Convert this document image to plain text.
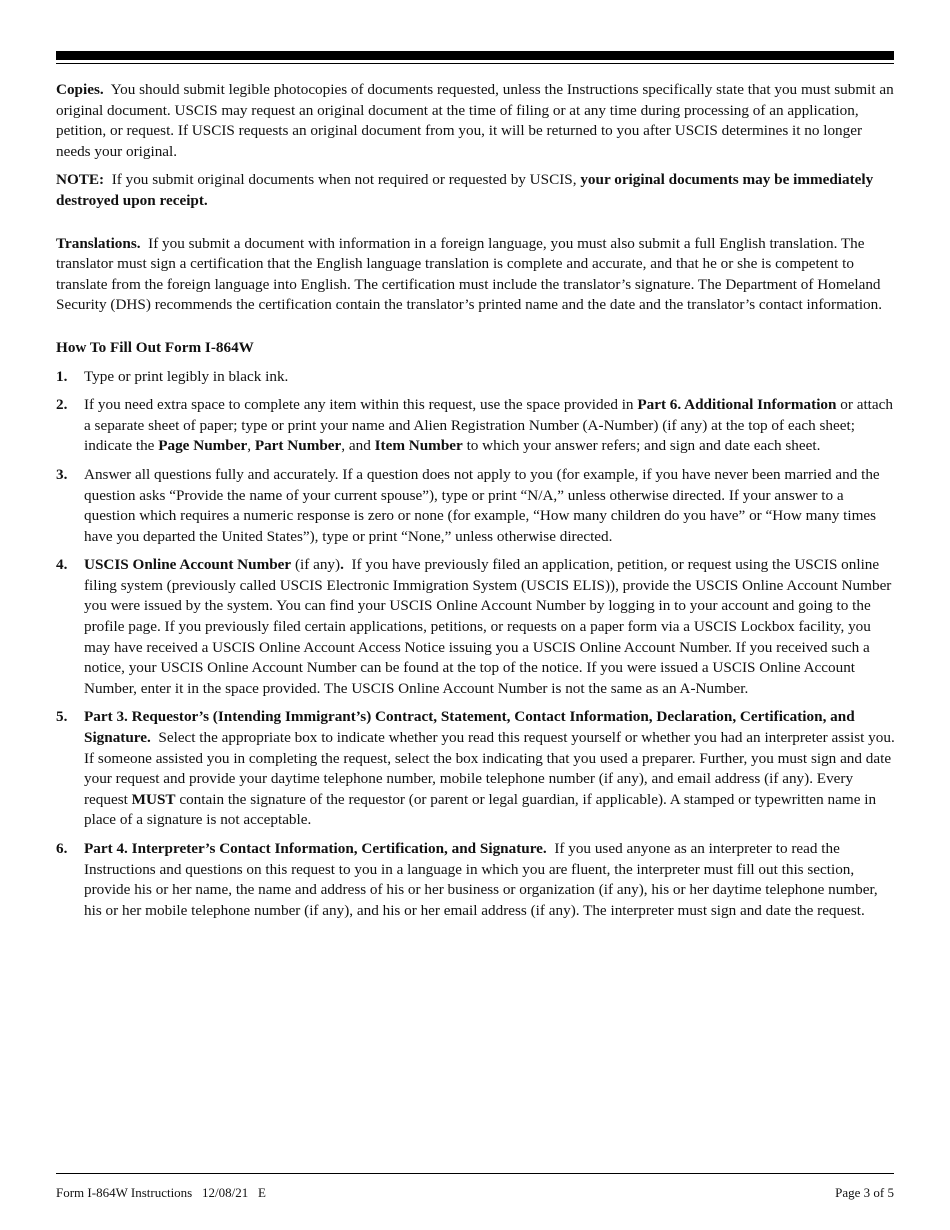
Copies. You should submit legible photocopies of documents requested, unless the Instructions specifically state that you must submit an original document. USCIS may request an original document at the time of filing or at any time during processing of an application, petition, or request. If USCIS requests an original document from you, it will be returned to you after USCIS determines it no longer needs your original.

NOTE: If you submit original documents when not required or requested by USCIS, your original documents may be immediately destroyed upon receipt.

Translations. If you submit a document with information in a foreign language, you must also submit a full English translation. The translator must sign a certification that the English language translation is complete and accurate, and that he or she is competent to translate from the foreign language into English. The certification must include the translator’s signature. The Department of Homeland Security (DHS) recommends the certification contain the translator’s printed name and the date and the translator’s contact information.

How To Fill Out Form I-864W

1.	Type or print legibly in black ink.
2.	If you need extra space to complete any item within this request, use the space provided in Part 6. Additional Information or attach a separate sheet of paper; type or print your name and Alien Registration Number (A-Number) (if any) at the top of each sheet; indicate the Page Number, Part Number, and Item Number to which your answer refers; and sign and date each sheet.
3.	Answer all questions fully and accurately. If a question does not apply to you (for example, if you have never been married and the question asks “Provide the name of your current spouse”), type or print “N/A,” unless otherwise directed. If your answer to a question which requires a numeric response is zero or none (for example, “How many children do you have” or “How many times have you departed the United States”), type or print “None,” unless otherwise directed.
4.	USCIS Online Account Number (if any). If you have previously filed an application, petition, or request using the USCIS online filing system (previously called USCIS Electronic Immigration System (USCIS ELIS)), provide the USCIS Online Account Number you were issued by the system. You can find your USCIS Online Account Number by logging in to your account and going to the profile page. If you previously filed certain applications, petitions, or requests on a paper form via a USCIS Lockbox facility, you may have received a USCIS Online Account Access Notice issuing you a USCIS Online Account Number. If you received such a notice, your USCIS Online Account Number can be found at the top of the notice. If you were issued a USCIS Online Account Number, enter it in the space provided. The USCIS Online Account Number is not the same as an A-Number.
5.	Part 3. Requestor’s (Intending Immigrant’s) Contract, Statement, Contact Information, Declaration, Certification, and Signature. Select the appropriate box to indicate whether you read this request yourself or whether you had an interpreter assist you. If someone assisted you in completing the request, select the box indicating that you used a preparer. Further, you must sign and date your request and provide your daytime telephone number, mobile telephone number (if any), and email address (if any). Every request MUST contain the signature of the requestor (or parent or legal guardian, if applicable). A stamped or typewritten name in place of a signature is not acceptable.
6.	Part 4. Interpreter’s Contact Information, Certification, and Signature. If you used anyone as an interpreter to read the Instructions and questions on this request to you in a language in which you are fluent, the interpreter must fill out this section, provide his or her name, the name and address of his or her business or organization (if any), his or her daytime telephone number, his or her mobile telephone number (if any), and his or her email address (if any). The interpreter must sign and date the request.
Form I-864W Instructions   12/08/21   E	Page 3 of 5
